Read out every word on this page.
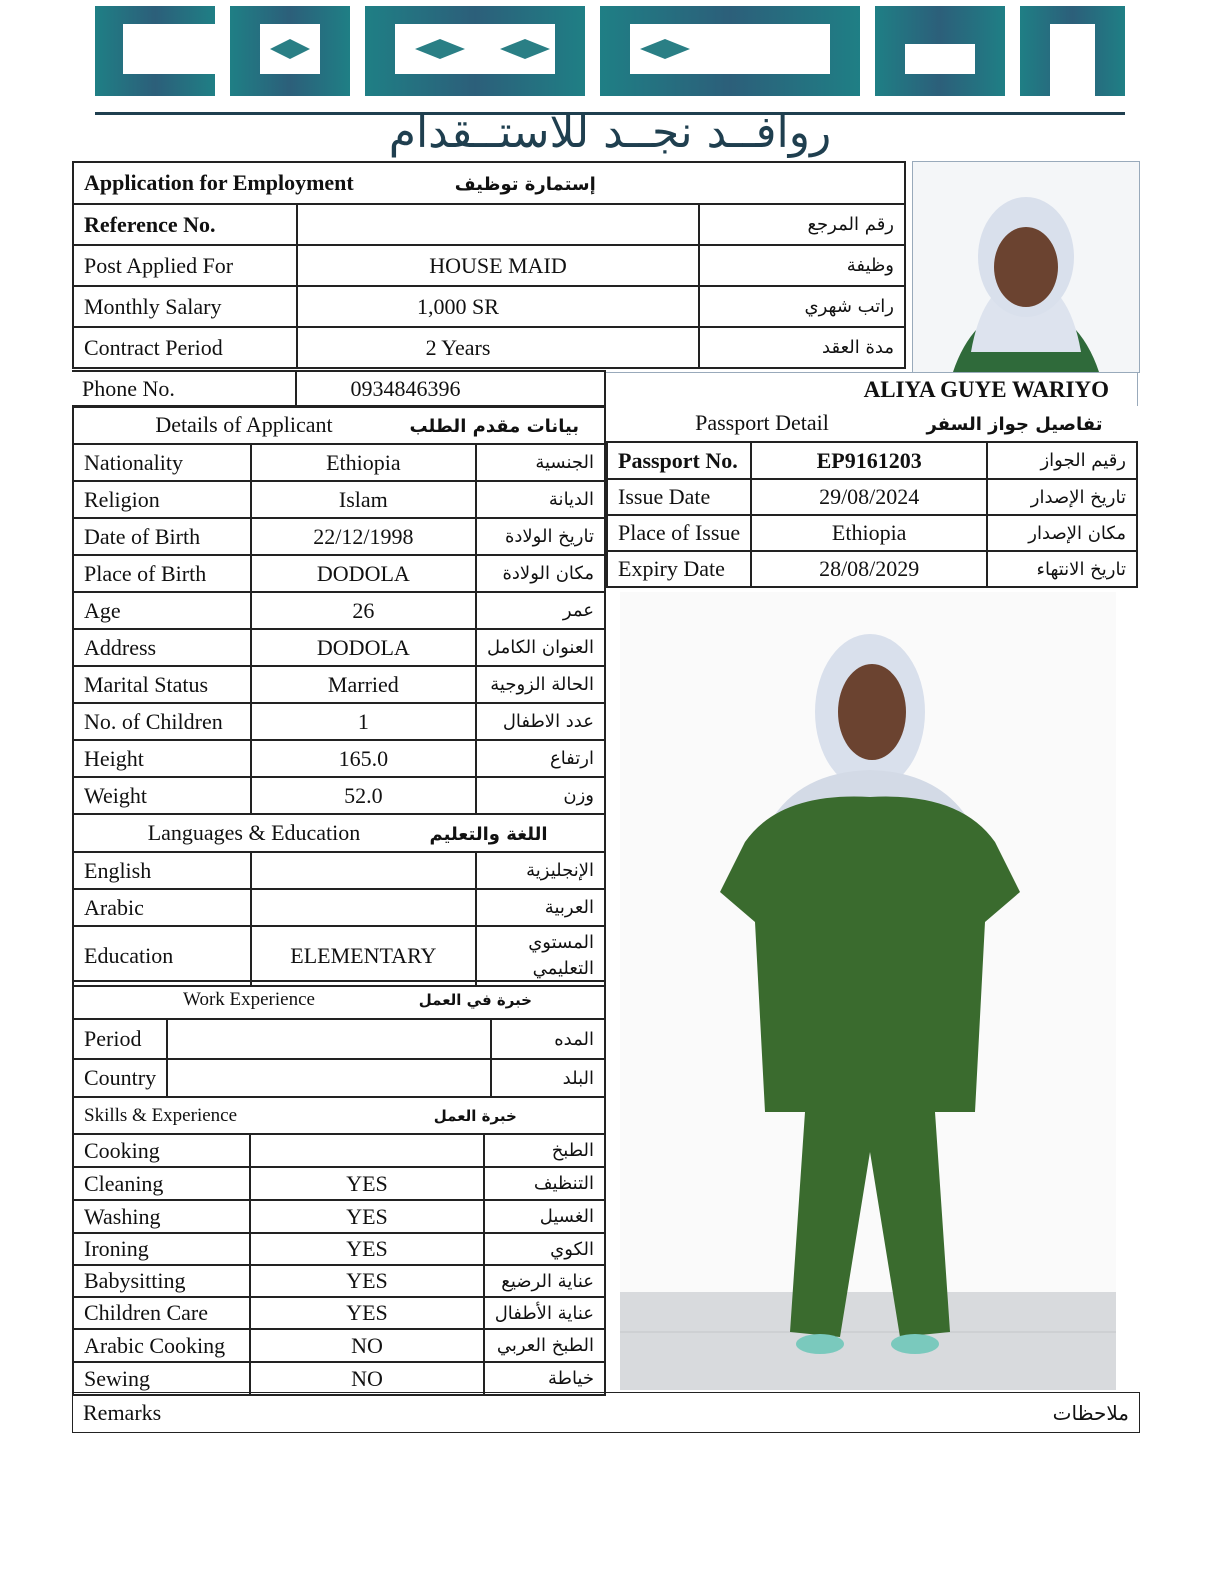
روافــد نجــد للاستــقدام
Application for Employment إستمارة توظيف		
Reference No.		رقم المرجع
Post Applied For	HOUSE MAID	وظيفة
Monthly Salary	1,000 SR	راتب شهري
Contract Period	2 Years	مدة العقد
Phone No.	0934846396	ALIYA GUYE WARIYO
Details of Applicant بيانات مقدم الطلب		
Nationality	Ethiopia	الجنسية
Religion	Islam	الديانة
Date of Birth	22/12/1998	تاريخ الولادة
Place of Birth	DODOLA	مكان الولادة
Age	26	عمر
Address	DODOLA	العنوان الكامل
Marital Status	Married	الحالة الزوجية
No. of Children	1	عدد الاطفال
Height	165.0	ارتفاع
Weight	52.0	وزن
Languages & Education اللغة والتعليم		
English		الإنجليزية
Arabic		العربية
Education	ELEMENTARY	المستوي التعليمي
Work Experience خبرة في العمل		
Period		المده
Country		البلد
Skills & Experience خبرة العمل		
Cooking		الطبخ
Cleaning	YES	التنظيف
Washing	YES	الغسيل
Ironing	YES	الكوي
Babysitting	YES	عناية الرضيع
Children Care	YES	عناية الأطفال
Arabic Cooking	NO	الطبخ العربي
Sewing	NO	خياطة
Passport Detail تفاصيل جواز السفر		
Passport No.	EP9161203	رقيم الجواز
Issue Date	29/08/2024	تاريخ الإصدار
Place of Issue	Ethiopia	مكان الإصدار
Expiry Date	28/08/2029	تاريخ الانتهاء
Remarks	ملاحظات
